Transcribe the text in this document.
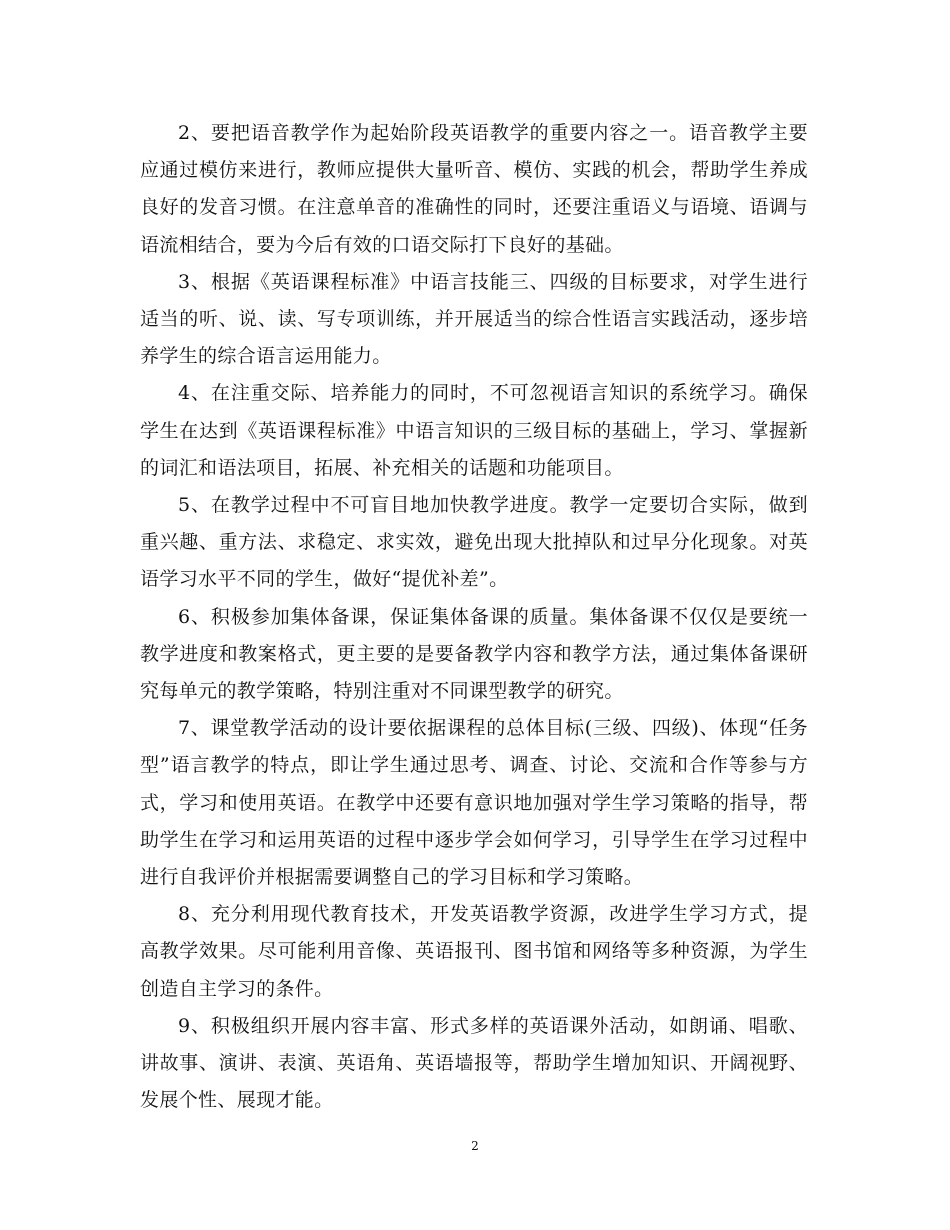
2、要把语音教学作为起始阶段英语教学的重要内容之一。语音教学主要应通过模仿来进行，教师应提供大量听音、模仿、实践的机会，帮助学生养成良好的发音习惯。在注意单音的准确性的同时，还要注重语义与语境、语调与语流相结合，要为今后有效的口语交际打下良好的基础。

3、根据《英语课程标准》中语言技能三、四级的目标要求，对学生进行适当的听、说、读、写专项训练，并开展适当的综合性语言实践活动，逐步培养学生的综合语言运用能力。

4、在注重交际、培养能力的同时，不可忽视语言知识的系统学习。确保学生在达到《英语课程标准》中语言知识的三级目标的基础上，学习、掌握新的词汇和语法项目，拓展、补充相关的话题和功能项目。

5、在教学过程中不可盲目地加快教学进度。教学一定要切合实际，做到重兴趣、重方法、求稳定、求实效，避免出现大批掉队和过早分化现象。对英语学习水平不同的学生，做好“提优补差”。

6、积极参加集体备课，保证集体备课的质量。集体备课不仅仅是要统一教学进度和教案格式，更主要的是要备教学内容和教学方法，通过集体备课研究每单元的教学策略，特别注重对不同课型教学的研究。

7、课堂教学活动的设计要依据课程的总体目标(三级、四级)、体现“任务型”语言教学的特点，即让学生通过思考、调查、讨论、交流和合作等参与方式，学习和使用英语。在教学中还要有意识地加强对学生学习策略的指导，帮助学生在学习和运用英语的过程中逐步学会如何学习，引导学生在学习过程中进行自我评价并根据需要调整自己的学习目标和学习策略。

8、充分利用现代教育技术，开发英语教学资源，改进学生学习方式，提高教学效果。尽可能利用音像、英语报刊、图书馆和网络等多种资源，为学生创造自主学习的条件。

9、积极组织开展内容丰富、形式多样的英语课外活动，如朗诵、唱歌、讲故事、演讲、表演、英语角、英语墙报等，帮助学生增加知识、开阔视野、发展个性、展现才能。

2
